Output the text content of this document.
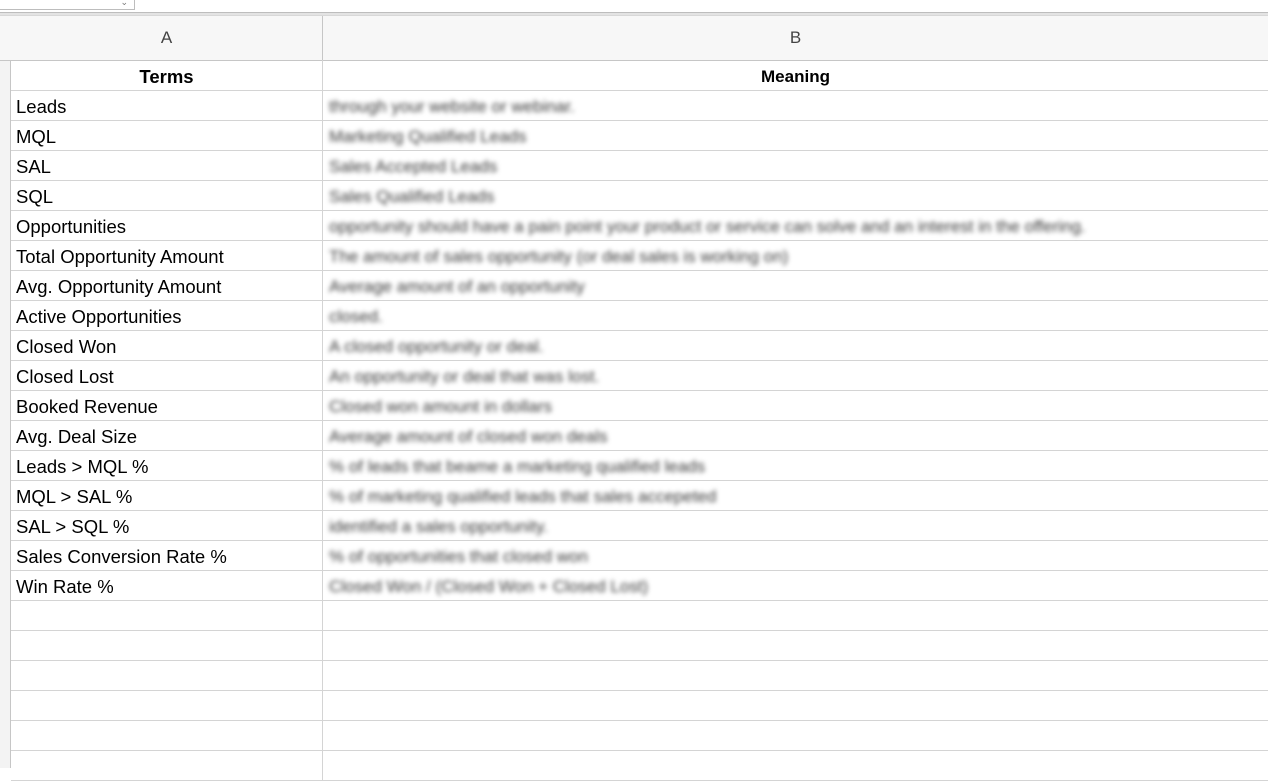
⌄
A	B
Terms	Meaning
Leads	through your website or webinar.
MQL	Marketing Qualified Leads
SAL	Sales Accepted Leads
SQL	Sales Qualified Leads
Opportunities	opportunity should have a pain point your product or service can solve and an interest in the offering.
Total Opportunity Amount	The amount of sales opportunity (or deal sales is working on)
Avg. Opportunity Amount	Average amount of an opportunity
Active Opportunities	closed.
Closed Won	A closed opportunity or deal.
Closed Lost	An opportunity or deal that was lost.
Booked Revenue	Closed won amount in dollars
Avg. Deal Size	Average amount of closed won deals
Leads > MQL %	% of leads that beame a marketing qualified leads
MQL > SAL %	% of marketing qualified leads that sales accepeted
SAL > SQL %	identified a sales opportunity.
Sales Conversion Rate %	% of opportunities that closed won
Win Rate %	Closed Won / (Closed Won + Closed Lost)
